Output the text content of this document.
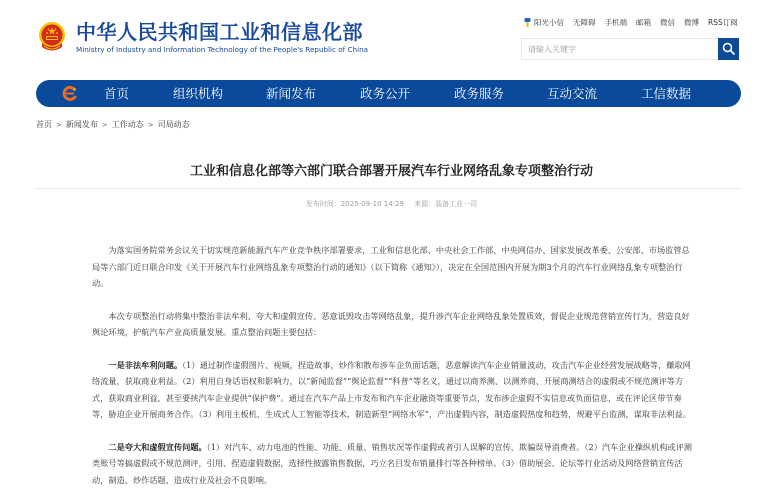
中华人民共和国工业和信息化部
Ministry of Industry and Information Technology of the People's Republic of China
阳光小信 无障碍 手机端 邮箱 微信 微博 RSS订阅
请输入关键字
首页	组织机构	新闻发布	政务公开	政务服务	互动交流	工信数据
首页 > 新闻发布 > 工作动态 > 司局动态
工业和信息化部等六部门联合部署开展汽车行业网络乱象专项整治行动
发布时间：2025-09-10 14:29 来源：装备工业一司

为落实国务院常务会议关于切实规范新能源汽车产业竞争秩序部署要求，工业和信息化部、中央社会工作部、中央网信办、国家发展改革委、公安部、市场监管总局等六部门近日联合印发《关于开展汽车行业网络乱象专项整治行动的通知》（以下简称《通知》），决定在全国范围内开展为期3个月的汽车行业网络乱象专项整治行动。

本次专项整治行动将集中整治非法牟利、夸大和虚假宣传、恶意诋毁攻击等网络乱象，提升涉汽车企业网络乱象处置质效，督促企业规范营销宣传行为，营造良好舆论环境，护航汽车产业高质量发展。重点整治问题主要包括：

一是非法牟利问题。（1）通过制作虚假图片、视频，捏造故事，炒作和散布涉车企负面话题，恶意解读汽车企业销量波动，攻击汽车企业经营发展战略等，赚取网络流量，获取商业利益。（2）利用自身话语权和影响力，以“新闻监督”“舆论监督”“科普”等名义，通过以商养测、以测养商、开展商测结合的虚假或不规范测评等方式，获取商业利益，甚至要挟汽车企业提供“保护费”。通过在汽车产品上市发布和汽车企业融资等重要节点，发布涉企虚假不实信息或负面信息，或在评论区带节奏等，胁迫企业开展商务合作。（3）利用主板机、生成式人工智能等技术，制造新型“网络水军”，产出虚假内容，制造虚假热度和趋势，规避平台监测，谋取非法利益。

二是夸大和虚假宣传问题。（1）对汽车、动力电池的性能、功能、质量、销售状况等作虚假或者引人误解的宣传，欺骗误导消费者。（2）汽车企业操纵机构或评测类账号等搞虚假或不规范测评，引用、捏造虚假数据，选择性披露销售数据，巧立名目发布销量排行等各种榜单。（3）借助展会、论坛等行业活动及网络营销宣传活动，制造、炒作话题，造成行业及社会不良影响。
